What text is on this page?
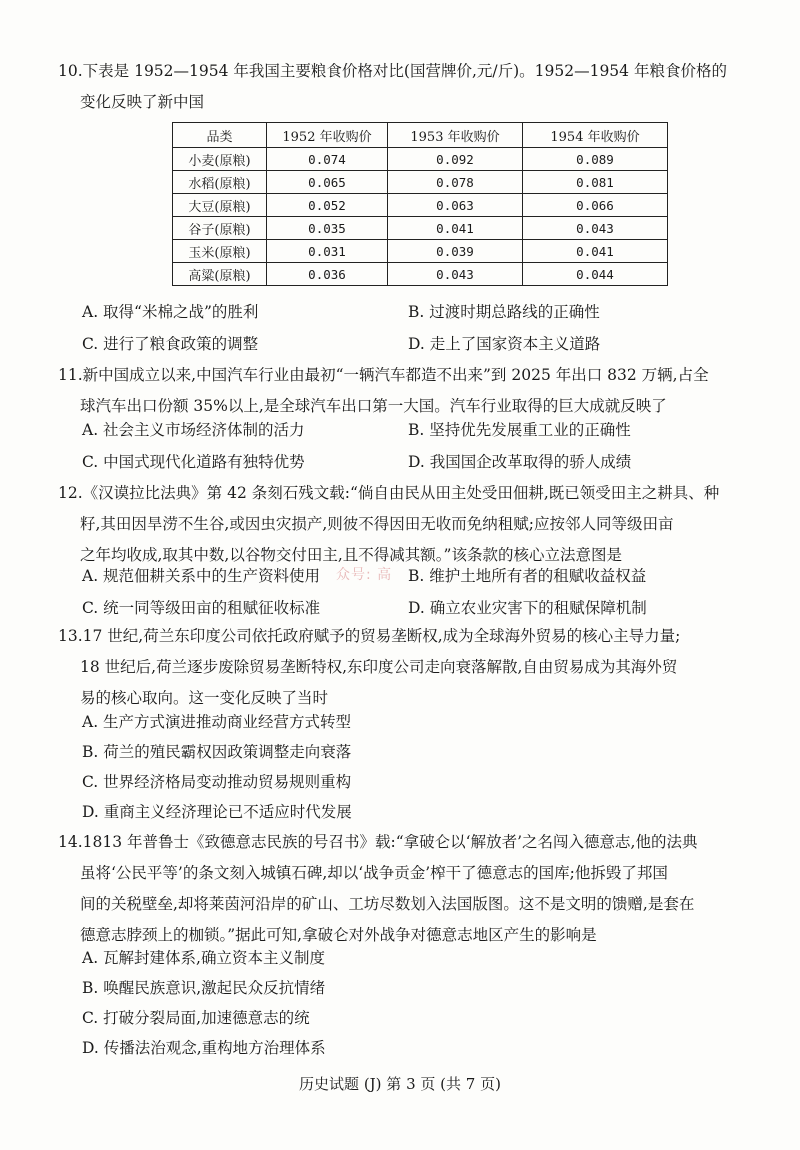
10.下表是 1952—1954 年我国主要粮食价格对比(国营牌价,元/斤)。1952—1954 年粮食价格的
变化反映了新中国
品类	1952 年收购价	1953 年收购价	1954 年收购价
小麦(原粮)	0.074	0.092	0.089
水稻(原粮)	0.065	0.078	0.081
大豆(原粮)	0.052	0.063	0.066
谷子(原粮)	0.035	0.041	0.043
玉米(原粮)	0.031	0.039	0.041
高粱(原粮)	0.036	0.043	0.044
A. 取得“米棉之战”的胜利	B. 过渡时期总路线的正确性
C. 进行了粮食政策的调整	D. 走上了国家资本主义道路
11.新中国成立以来,中国汽车行业由最初“一辆汽车都造不出来”到 2025 年出口 832 万辆,占全
球汽车出口份额 35%以上,是全球汽车出口第一大国。汽车行业取得的巨大成就反映了
A. 社会主义市场经济体制的活力	B. 坚持优先发展重工业的正确性
C. 中国式现代化道路有独特优势	D. 我国国企改革取得的骄人成绩
12.《汉谟拉比法典》第 42 条刻石残文载:“倘自由民从田主处受田佃耕,既已领受田主之耕具、种
籽,其田因旱涝不生谷,或因虫灾损产,则彼不得因田无收而免纳租赋;应按邻人同等级田亩
之年均收成,取其中数,以谷物交付田主,且不得减其额。”该条款的核心立法意图是
众号: 高
A. 规范佃耕关系中的生产资料使用	B. 维护土地所有者的租赋收益权益
C. 统一同等级田亩的租赋征收标准	D. 确立农业灾害下的租赋保障机制
13.17 世纪,荷兰东印度公司依托政府赋予的贸易垄断权,成为全球海外贸易的核心主导力量;
18 世纪后,荷兰逐步废除贸易垄断特权,东印度公司走向衰落解散,自由贸易成为其海外贸
易的核心取向。这一变化反映了当时
A. 生产方式演进推动商业经营方式转型
B. 荷兰的殖民霸权因政策调整走向衰落
C. 世界经济格局变动推动贸易规则重构
D. 重商主义经济理论已不适应时代发展
14.1813 年普鲁士《致德意志民族的号召书》载:“拿破仑以‘解放者’之名闯入德意志,他的法典
虽将‘公民平等’的条文刻入城镇石碑,却以‘战争贡金’榨干了德意志的国库;他拆毁了邦国
间的关税壁垒,却将莱茵河沿岸的矿山、工坊尽数划入法国版图。这不是文明的馈赠,是套在
德意志脖颈上的枷锁。”据此可知,拿破仑对外战争对德意志地区产生的影响是
A. 瓦解封建体系,确立资本主义制度
B. 唤醒民族意识,激起民众反抗情绪
C. 打破分裂局面,加速德意志的统
D. 传播法治观念,重构地方治理体系
历史试题 (J) 第 3 页 (共 7 页)
